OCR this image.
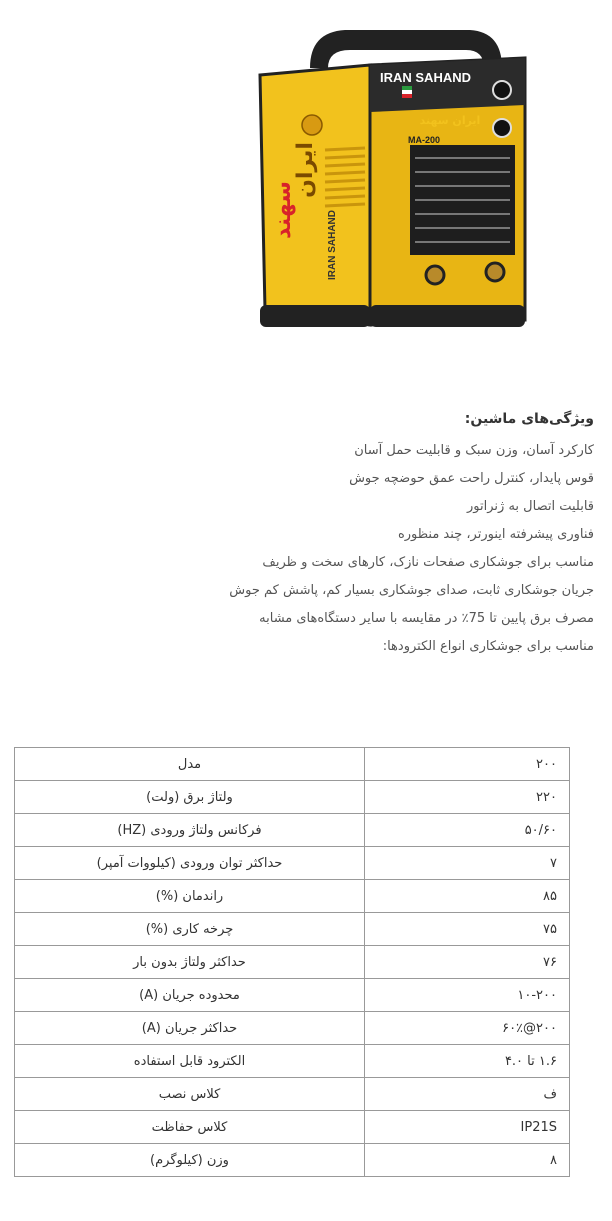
IRAN SAHAND
ایران سهند
MA-200
ایران
سهند	IRAN SAHAND
ویژگی‌های ماشین:
کارکرد آسان، وزن سبک و قابلیت حمل آسان
قوس پایدار، کنترل راحت عمق حوضچه جوش
قابلیت اتصال به ژنراتور
فناوری پیشرفته اینورتر، چند منظوره
مناسب برای جوشکاری صفحات نازک، کارهای سخت و ظریف
جریان جوشکاری ثابت، صدای جوشکاری بسیار کم، پاشش کم جوش
مصرف برق پایین تا 75٪ در مقایسه با سایر دستگاه‌های مشابه
مناسب برای جوشکاری انواع الکترودها:
۲۰۰	مدل
۲۲۰	ولتاژ برق (ولت)
۵۰/۶۰	فرکانس ولتاژ ورودی (HZ)
۷	حداکثر توان ورودی (کیلووات آمپر)
۸۵	راندمان (%)
۷۵	چرخه کاری (%)
۷۶	حداکثر ولتاژ بدون بار
۱۰-۲۰۰	محدوده جریان (A)
۲۰۰@۶۰٪	حداکثر جریان (A)
۱.۶ تا ۴.۰	الکترود قابل استفاده
ف	کلاس نصب
IP21S	کلاس حفاظت
۸	وزن (کیلوگرم)
